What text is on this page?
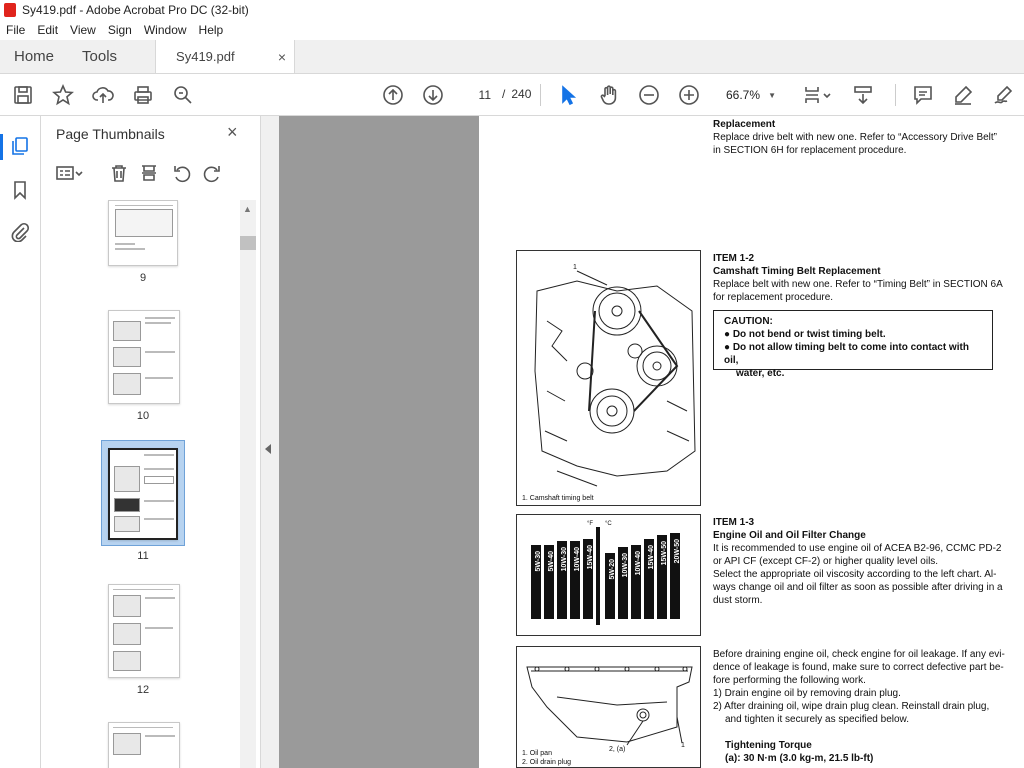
Sy419.pdf - Adobe Acrobat Pro DC (32-bit)
File	Edit	View	Sign	Window	Help
Home	Tools	Sy419.pdf	×
11 / 240	66.7% ▼
Page Thumbnails	×
9
10
11
12
▲
Replacement
Replace drive belt with new one. Refer to “Accessory Drive Belt”
in SECTION 6H for replacement procedure.
1
1. Camshaft timing belt
ITEM 1-2
Camshaft Timing Belt Replacement
Replace belt with new one. Refer to “Timing Belt” in SECTION 6A
for replacement procedure.
CAUTION:
● Do not bend or twist timing belt.
● Do not allow timing belt to come into contact with oil,
water, etc.
°F °C
5W-30 5W-40 10W-30 10W-40 15W-40	5W-20 10W-30 10W-40 15W-40 15W-50 20W-50
ITEM 1-3
Engine Oil and Oil Filter Change
It is recommended to use engine oil of ACEA B2-96, CCMC PD-2
or API CF (except CF-2) or higher quality level oils.
Select the appropriate oil viscosity according to the left chart. Al-
ways change oil and oil filter as soon as possible after driving in a
dust storm.
2, (a)
1
1. Oil pan
2. Oil drain plug
Before draining engine oil, check engine for oil leakage. If any evi-
dence of leakage is found, make sure to correct defective part be-
fore performing the following work.
1) Drain engine oil by removing drain plug.
2) After draining oil, wipe drain plug clean. Reinstall drain plug,
and tighten it securely as specified below.
Tightening Torque
(a): 30 N·m (3.0 kg-m, 21.5 lb-ft)
